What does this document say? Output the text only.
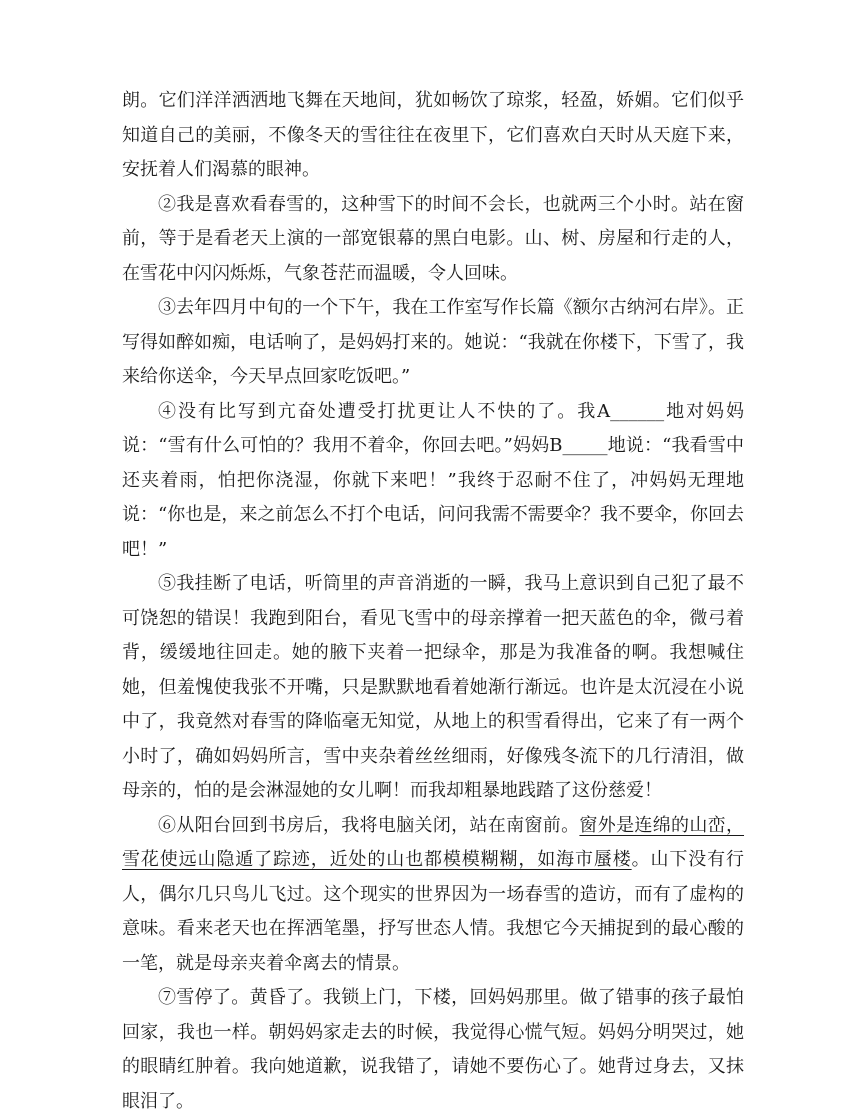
朗。它们洋洋洒洒地飞舞在天地间，犹如畅饮了琼浆，轻盈，娇媚。它们似乎知道自己的美丽，不像冬天的雪往往在夜里下，它们喜欢白天时从天庭下来，安抚着人们渴慕的眼神。

②我是喜欢看春雪的，这种雪下的时间不会长，也就两三个小时。站在窗前，等于是看老天上演的一部宽银幕的黑白电影。山、树、房屋和行走的人，在雪花中闪闪烁烁，气象苍茫而温暖，令人回味。

③去年四月中旬的一个下午，我在工作室写作长篇《额尔古纳河右岸》。正写得如醉如痴，电话响了，是妈妈打来的。她说：“我就在你楼下，下雪了，我来给你送伞，今天早点回家吃饭吧。”

④没有比写到亢奋处遭受打扰更让人不快的了。我A______地对妈妈说：“雪有什么可怕的？我用不着伞，你回去吧。”妈妈B_____地说：“我看雪中还夹着雨，怕把你浇湿，你就下来吧！”我终于忍耐不住了，冲妈妈无理地说：“你也是，来之前怎么不打个电话，问问我需不需要伞？我不要伞，你回去吧！”

⑤我挂断了电话，听筒里的声音消逝的一瞬，我马上意识到自己犯了最不可饶恕的错误！我跑到阳台，看见飞雪中的母亲撑着一把天蓝色的伞，微弓着背，缓缓地往回走。她的腋下夹着一把绿伞，那是为我准备的啊。我想喊住她，但羞愧使我张不开嘴，只是默默地看着她渐行渐远。也许是太沉浸在小说中了，我竟然对春雪的降临毫无知觉，从地上的积雪看得出，它来了有一两个小时了，确如妈妈所言，雪中夹杂着丝丝细雨，好像残冬流下的几行清泪，做母亲的，怕的是会淋湿她的女儿啊！而我却粗暴地践踏了这份慈爱！

⑥从阳台回到书房后，我将电脑关闭，站在南窗前。窗外是连绵的山峦，雪花使远山隐遁了踪迹，近处的山也都模模糊糊，如海市蜃楼。山下没有行人，偶尔几只鸟儿飞过。这个现实的世界因为一场春雪的造访，而有了虚构的意味。看来老天也在挥洒笔墨，抒写世态人情。我想它今天捕捉到的最心酸的一笔，就是母亲夹着伞离去的情景。

⑦雪停了。黄昏了。我锁上门，下楼，回妈妈那里。做了错事的孩子最怕回家，我也一样。朝妈妈家走去的时候，我觉得心慌气短。妈妈分明哭过，她的眼睛红肿着。我向她道歉，说我错了，请她不要伤心了。她背过身去，又抹眼泪了。
